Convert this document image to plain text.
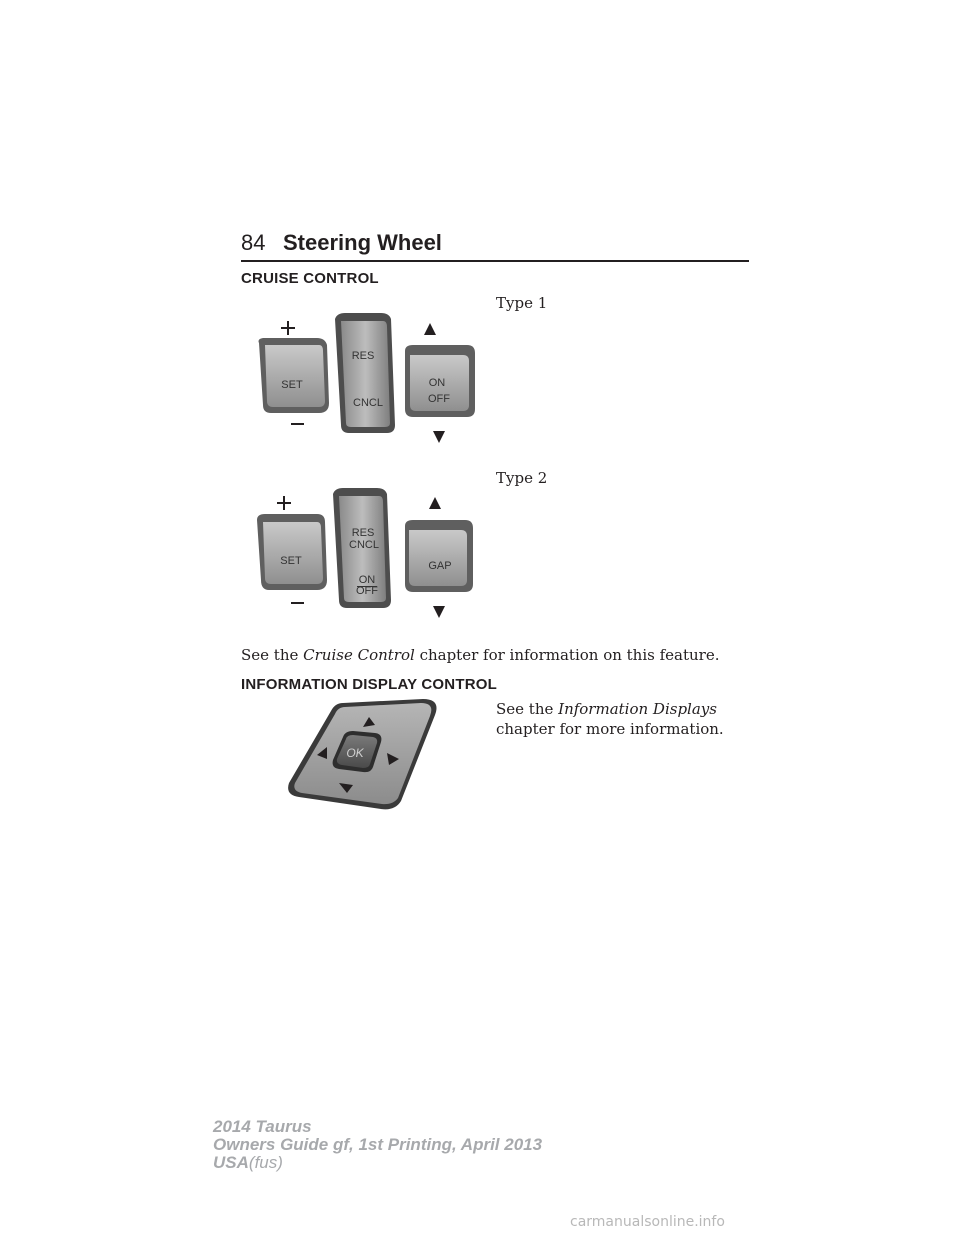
84 Steering Wheel
CRUISE CONTROL
Type 1
SET
RES
CNCL
ON
OFF
Type 2
SET
RES
CNCL
ON
OFF
GAP
See the Cruise Control chapter for information on this feature.
INFORMATION DISPLAY CONTROL
OK
See the Information Displays
chapter for more information.
2014 Taurus
Owners Guide gf, 1st Printing, April 2013
USA(fus)
carmanualsonline.info
